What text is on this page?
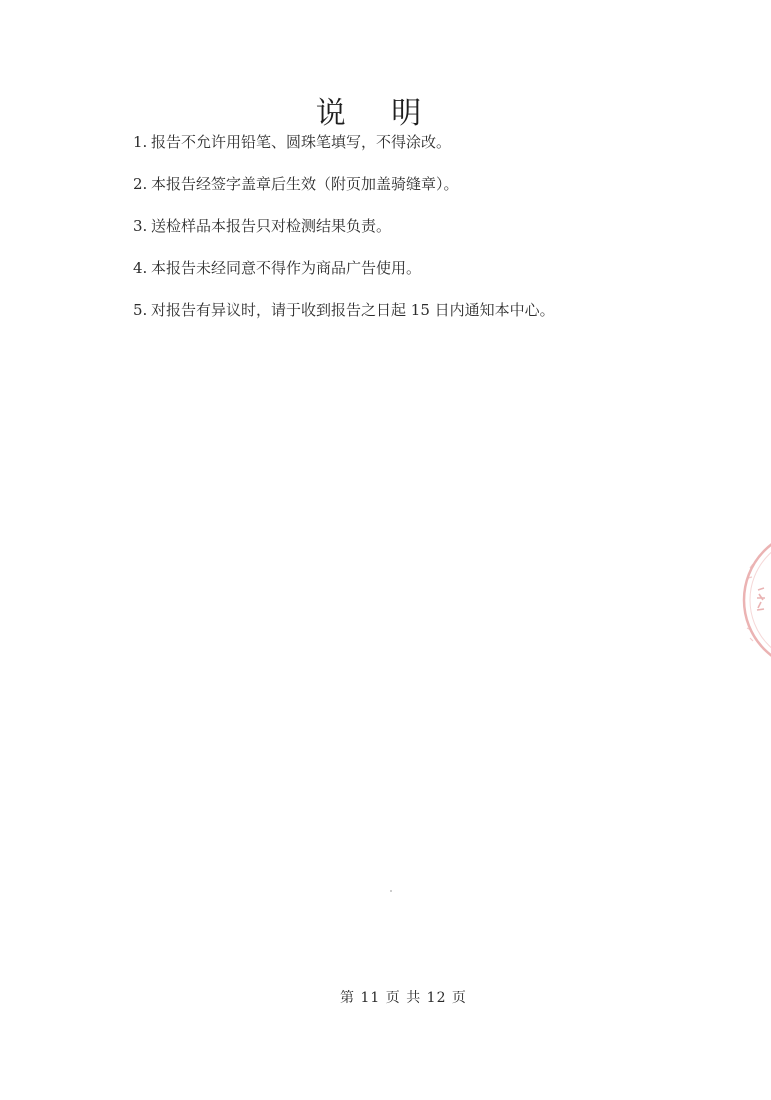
说 明
1. 报告不允许用铅笔、圆珠笔填写，不得涂改。
2. 本报告经签字盖章后生效（附页加盖骑缝章）。
3. 送检样品本报告只对检测结果负责。
4. 本报告未经同意不得作为商品广告使用。
5. 对报告有异议时，请于收到报告之日起 15 日内通知本中心。
第 11 页 共 12 页
